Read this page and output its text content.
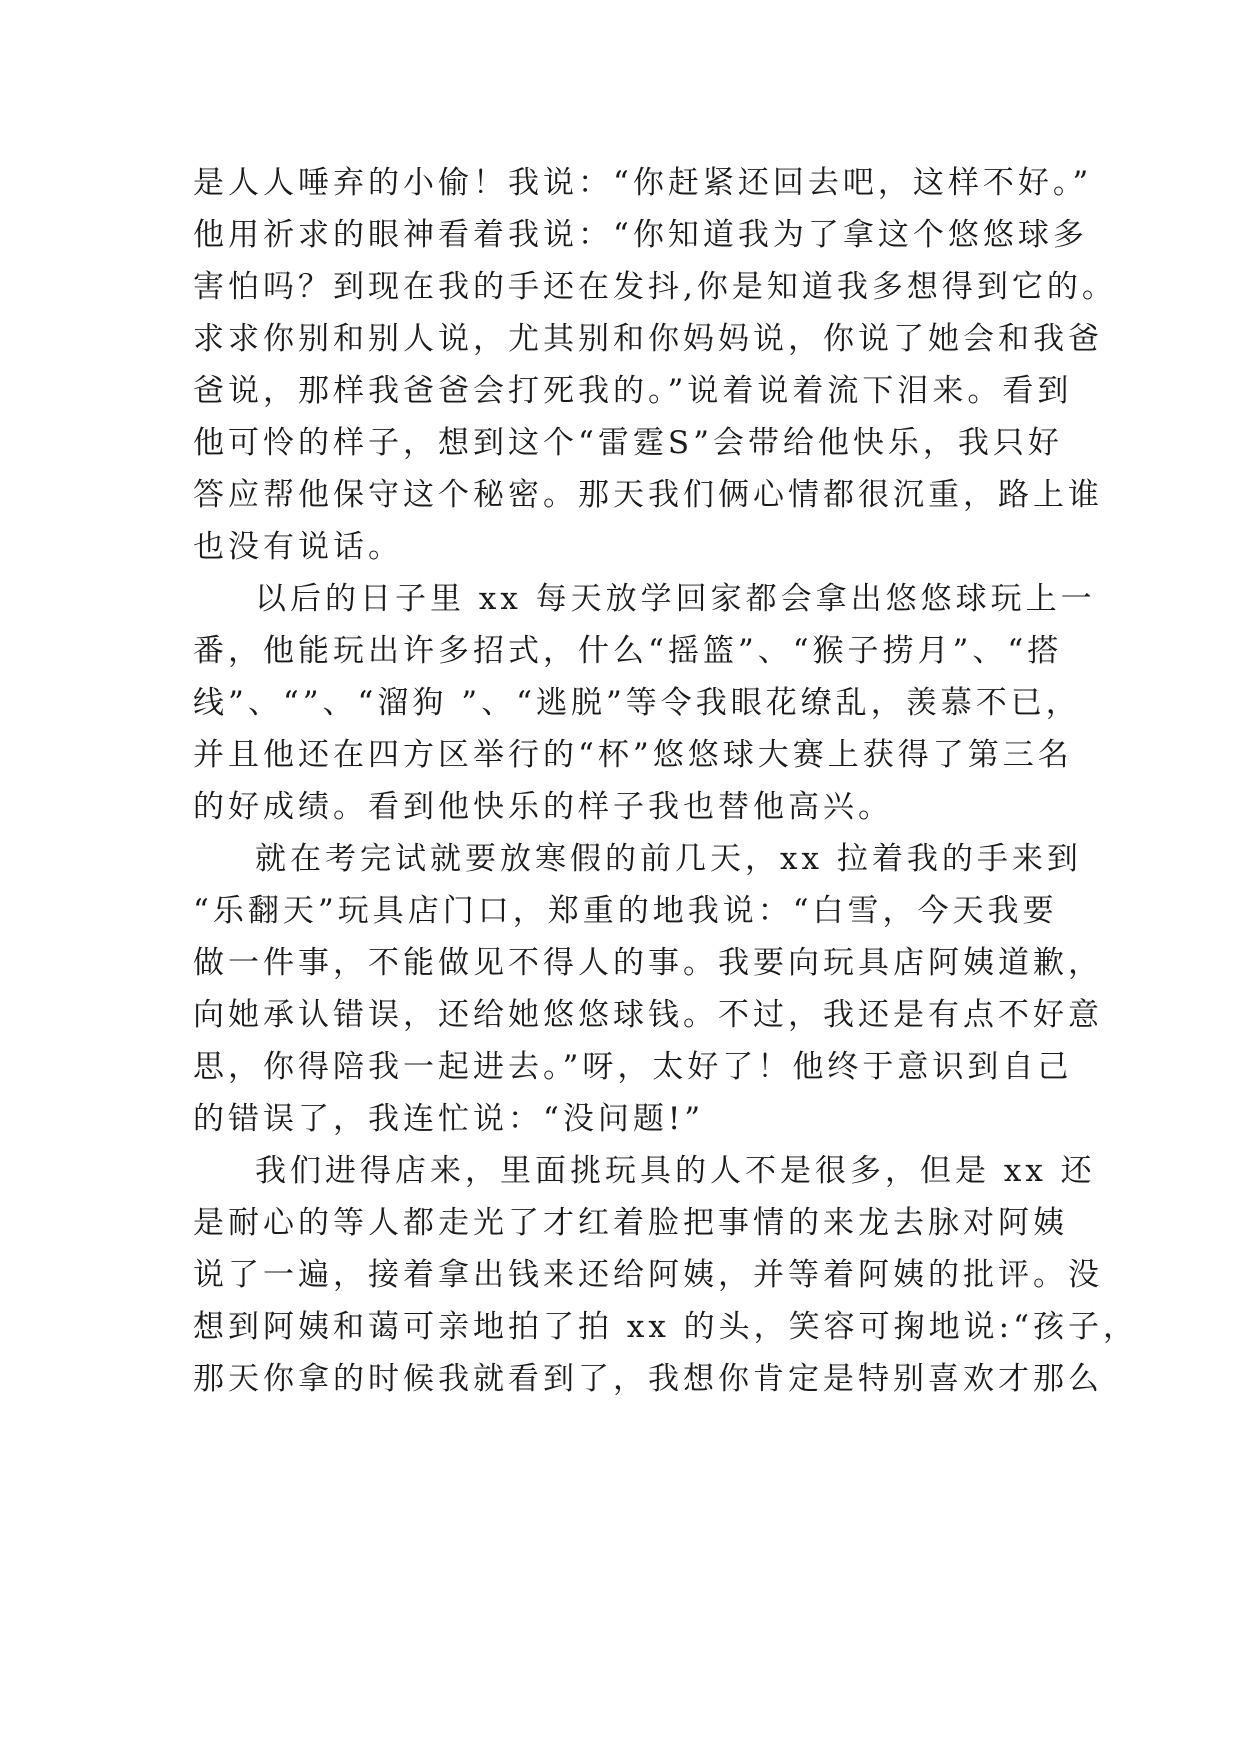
是人人唾弃的小偷！我说：“你赶紧还回去吧，这样不好。”
他用祈求的眼神看着我说：“你知道我为了拿这个悠悠球多
害怕吗？到现在我的手还在发抖,你是知道我多想得到它的。
求求你别和别人说，尤其别和你妈妈说，你说了她会和我爸
爸说，那样我爸爸会打死我的。”说着说着流下泪来。看到
他可怜的样子，想到这个“雷霆S”会带给他快乐，我只好
答应帮他保守这个秘密。那天我们俩心情都很沉重，路上谁
也没有说话。
以后的日子里 xx 每天放学回家都会拿出悠悠球玩上一
番，他能玩出许多招式，什么“摇篮”、“猴子捞月”、“搭
线”、“”、“溜狗 ”、“逃脱”等令我眼花缭乱，羡慕不已，
并且他还在四方区举行的“杯”悠悠球大赛上获得了第三名
的好成绩。看到他快乐的样子我也替他高兴。
就在考完试就要放寒假的前几天，xx 拉着我的手来到
“乐翻天”玩具店门口，郑重的地我说：“白雪，今天我要
做一件事，不能做见不得人的事。我要向玩具店阿姨道歉，
向她承认错误，还给她悠悠球钱。不过，我还是有点不好意
思，你得陪我一起进去。”呀，太好了！他终于意识到自己
的错误了，我连忙说：“没问题!”
我们进得店来，里面挑玩具的人不是很多，但是 xx 还
是耐心的等人都走光了才红着脸把事情的来龙去脉对阿姨
说了一遍，接着拿出钱来还给阿姨，并等着阿姨的批评。没
想到阿姨和蔼可亲地拍了拍 xx 的头，笑容可掬地说:“孩子，
那天你拿的时候我就看到了，我想你肯定是特别喜欢才那么
